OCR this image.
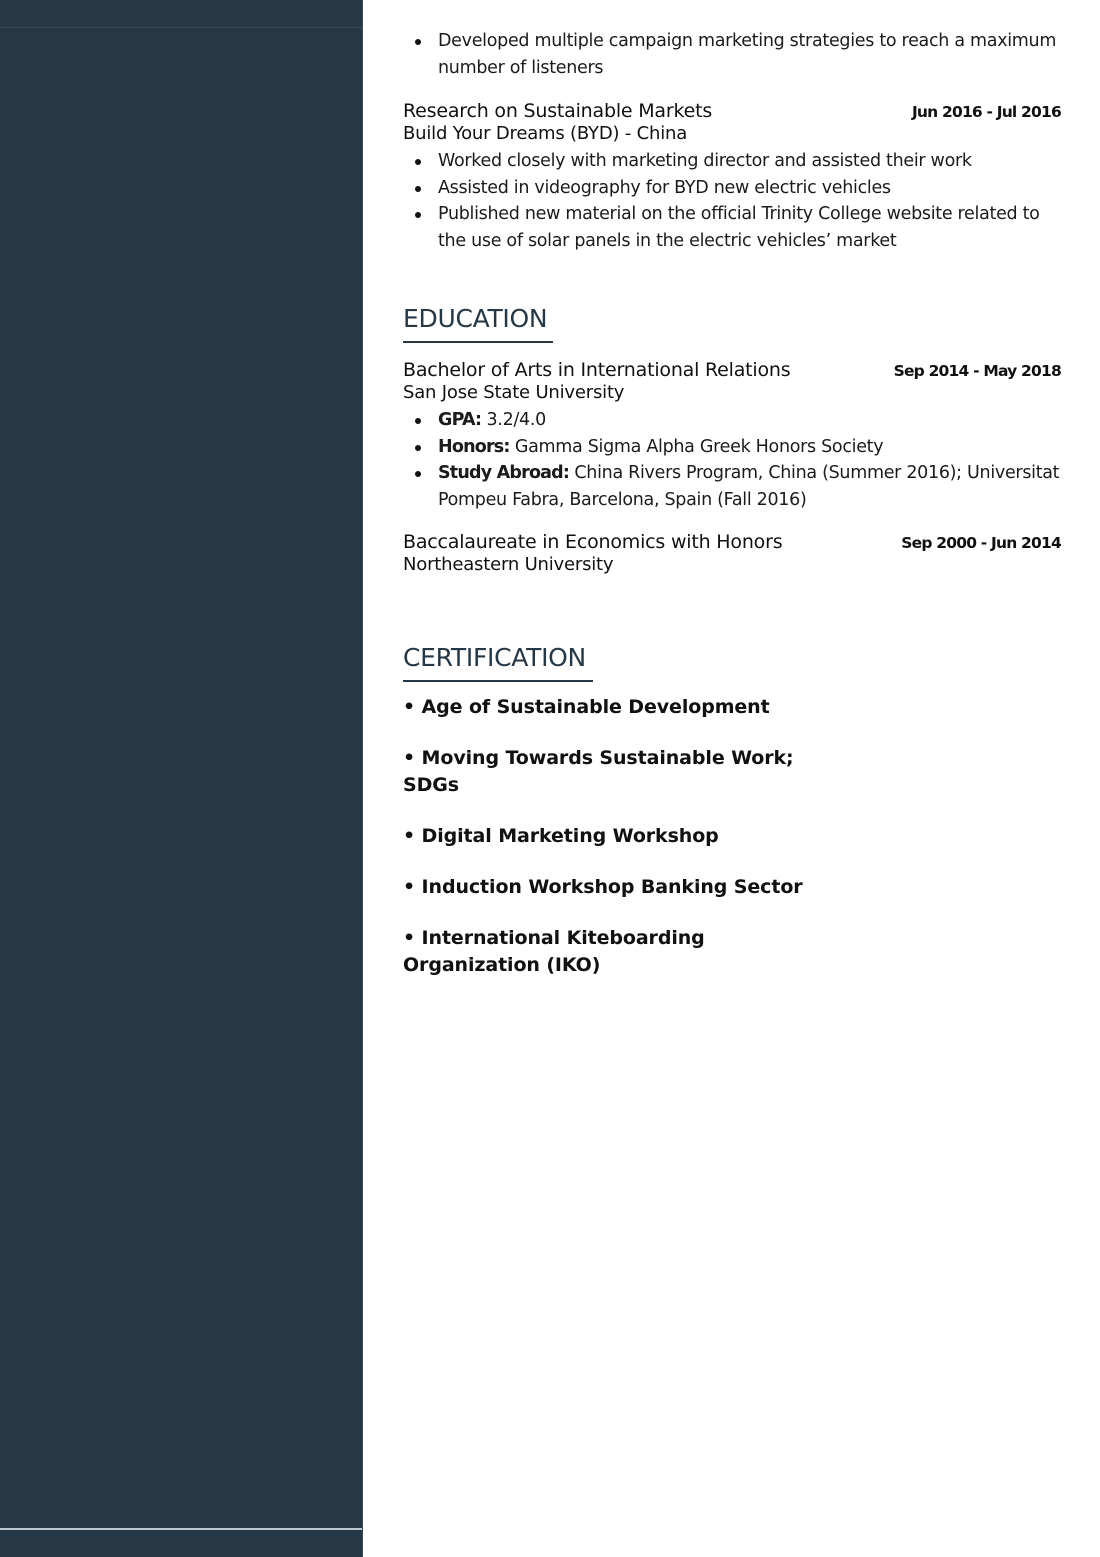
Developed multiple campaign marketing strategies to reach a maximum number of listeners
Research on Sustainable Markets	Jun 2016 - Jul 2016
Build Your Dreams (BYD) - China
Worked closely with marketing director and assisted their work
Assisted in videography for BYD new electric vehicles
Published new material on the official Trinity College website related to the use of solar panels in the electric vehicles’ market
EDUCATION
Bachelor of Arts in International Relations	Sep 2014 - May 2018
San Jose State University
GPA: 3.2/4.0
Honors: Gamma Sigma Alpha Greek Honors Society
Study Abroad: China Rivers Program, China (Summer 2016); Universitat Pompeu Fabra, Barcelona, Spain (Fall 2016)
Baccalaureate in Economics with Honors	Sep 2000 - Jun 2014
Northeastern University
CERTIFICATION
• Age of Sustainable Development
• Moving Towards Sustainable Work; SDGs
• Digital Marketing Workshop
• Induction Workshop Banking Sector
• International Kiteboarding Organization (IKO)
